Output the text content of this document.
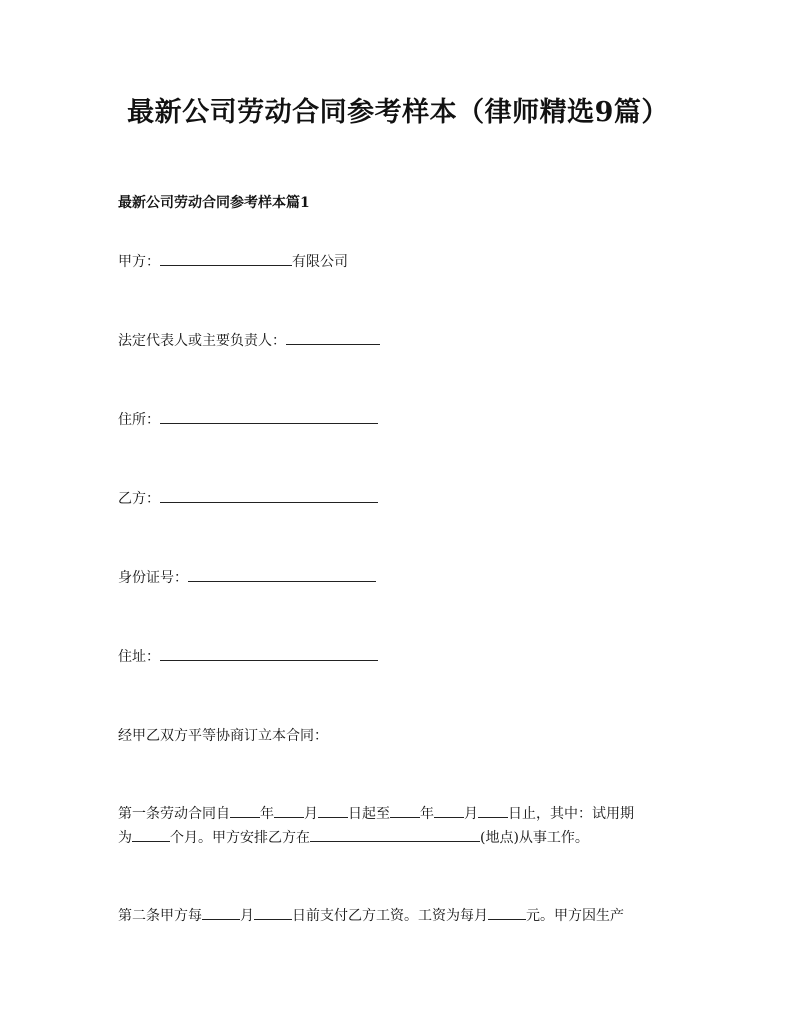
最新公司劳动合同参考样本（律师精选9篇）

最新公司劳动合同参考样本篇1

甲方：	有限公司

法定代表人或主要负责人：

住所：

乙方：

身份证号：

住址：

经甲乙双方平等协商订立本合同：

第一条劳动合同自 年 月 日起至 年 月 日止，其中：试用期

为	个月。甲方安排乙方在	(地点)从事工作。

第二条甲方每	月	日前支付乙方工资。工资为每月	元。甲方因生产
